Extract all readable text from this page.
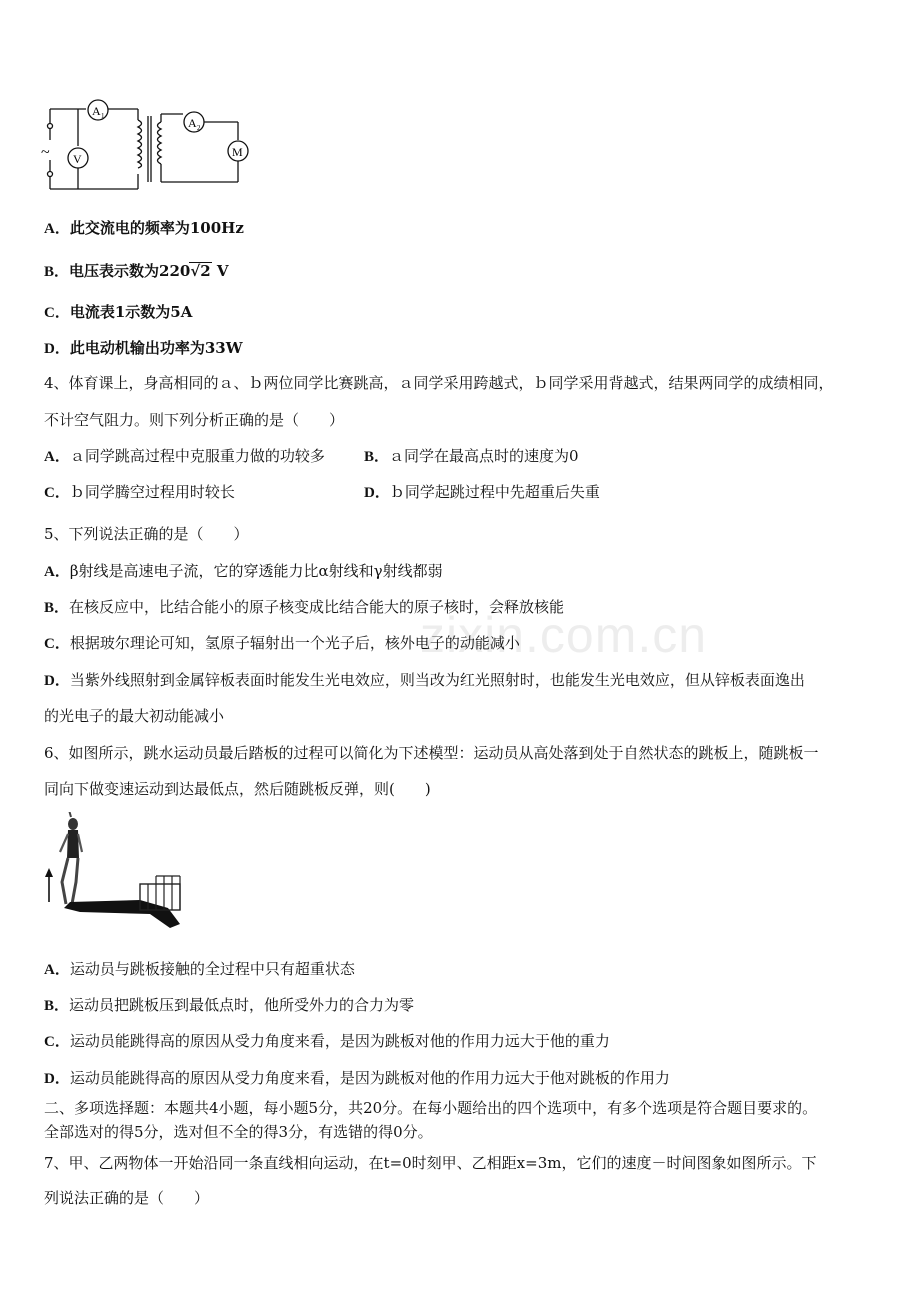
~
A 1
V
A 2
M
A．此交流电的频率为100Hz
B．电压表示数为220√2 V
C．电流表1示数为5A
D．此电动机输出功率为33W
4、体育课上，身高相同的ａ、ｂ两位同学比赛跳高，ａ同学采用跨越式，ｂ同学采用背越式，结果两同学的成绩相同，
不计空气阻力。则下列分析正确的是（　　）
A．ａ同学跳高过程中克服重力做的功较多	B．ａ同学在最高点时的速度为0
C．ｂ同学腾空过程用时较长	D．ｂ同学起跳过程中先超重后失重
5、下列说法正确的是（　　）
A．β射线是高速电子流，它的穿透能力比α射线和γ射线都弱
B．在核反应中，比结合能小的原子核变成比结合能大的原子核时，会释放核能
C．根据玻尔理论可知，氢原子辐射出一个光子后，核外电子的动能减小
D．当紫外线照射到金属锌板表面时能发生光电效应，则当改为红光照射时，也能发生光电效应，但从锌板表面逸出
的光电子的最大初动能减小
6、如图所示，跳水运动员最后踏板的过程可以简化为下述模型：运动员从高处落到处于自然状态的跳板上，随跳板一
同向下做变速运动到达最低点，然后随跳板反弹，则(　　)
A．运动员与跳板接触的全过程中只有超重状态
B．运动员把跳板压到最低点时，他所受外力的合力为零
C．运动员能跳得高的原因从受力角度来看，是因为跳板对他的作用力远大于他的重力
D．运动员能跳得高的原因从受力角度来看，是因为跳板对他的作用力远大于他对跳板的作用力
二、多项选择题：本题共4小题，每小题5分，共20分。在每小题给出的四个选项中，有多个选项是符合题目要求的。
全部选对的得5分，选对但不全的得3分，有选错的得0分。
7、甲、乙两物体一开始沿同一条直线相向运动，在t=0时刻甲、乙相距x=3m，它们的速度－时间图象如图所示。下
列说法正确的是（　　）
zixin.com.cn
